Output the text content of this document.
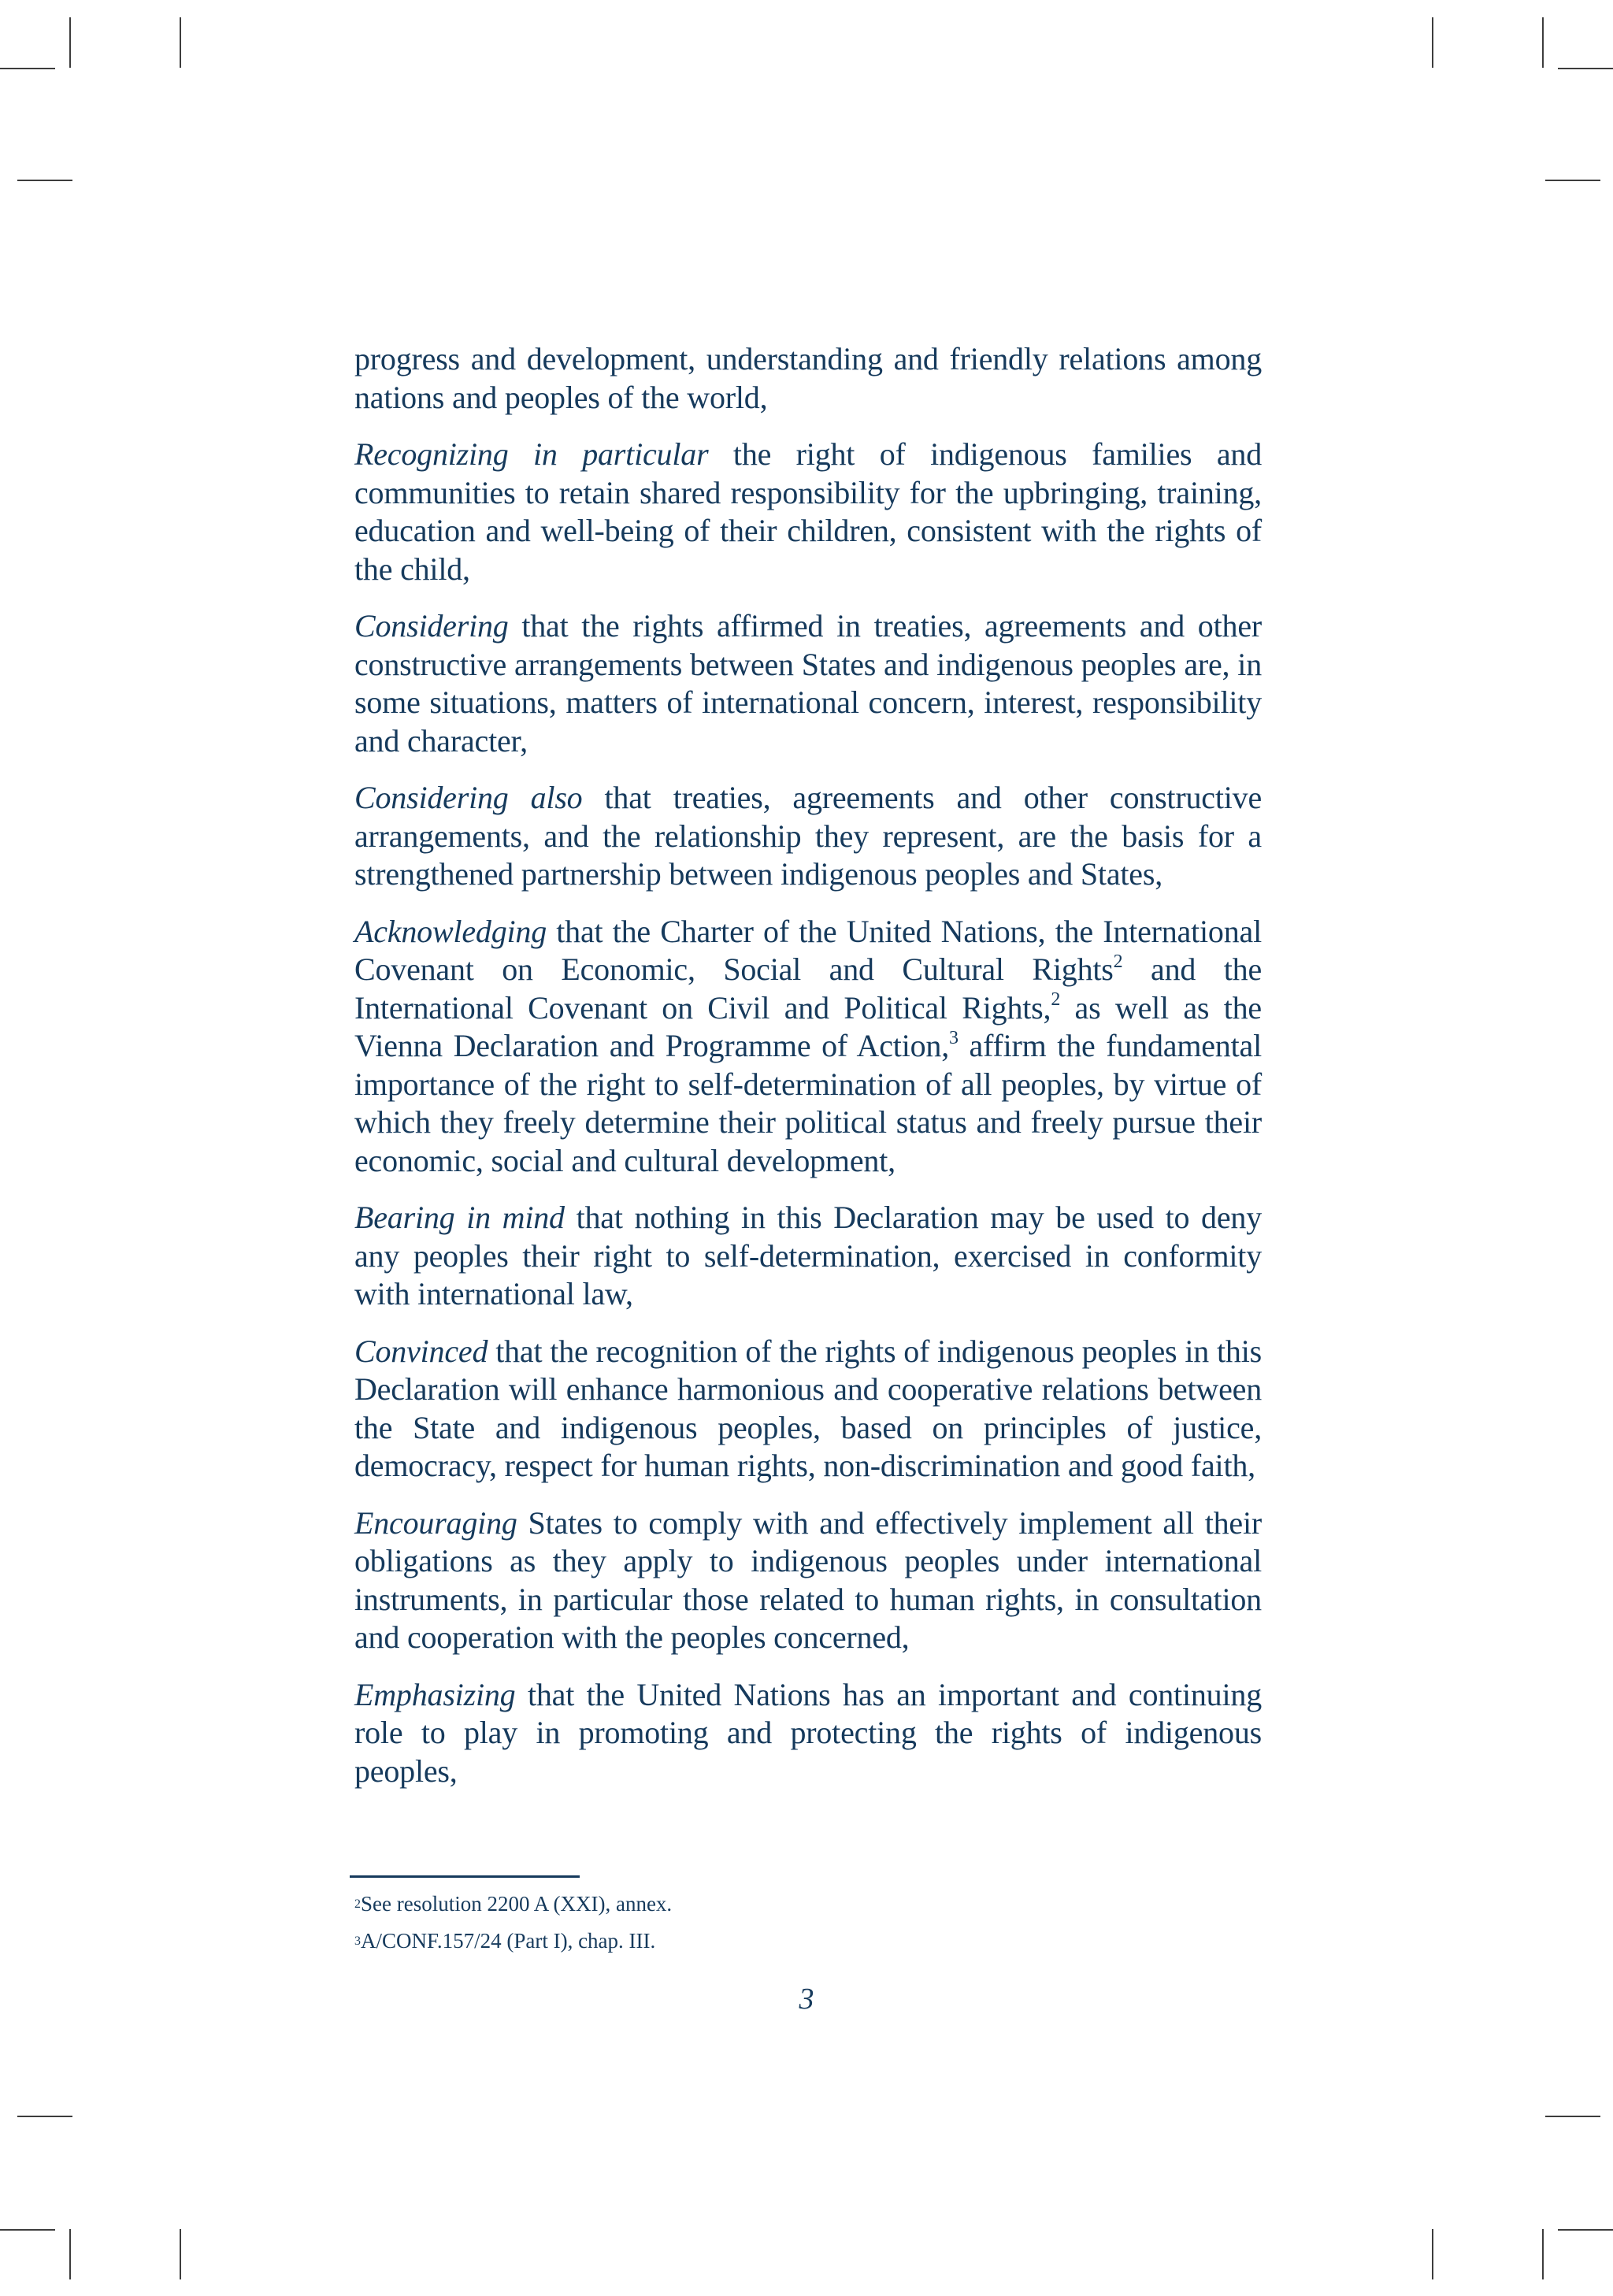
progress and development, understanding and friendly relations among nations and peoples of the world,

Recognizing in particular the right of indigenous families and communities to retain shared responsibility for the upbringing, training, education and well-being of their children, consistent with the rights of the child,

Considering that the rights affirmed in treaties, agreements and other constructive arrangements between States and indigenous peoples are, in some situations, matters of international concern, interest, responsibility and character,

Considering also that treaties, agreements and other constructive arrangements, and the relationship they represent, are the basis for a strengthened partnership between indigenous peoples and States,

Acknowledging that the Charter of the United Nations, the International Covenant on Economic, Social and Cultural Rights$^2$ and the International Covenant on Civil and Political Rights,$^2$ as well as the Vienna Declaration and Programme of Action,$^3$ affirm the fundamental importance of the right to self-determination of all peoples, by virtue of which they freely determine their political status and freely pursue their economic, social and cultural development,

Bearing in mind that nothing in this Declaration may be used to deny any peoples their right to self-determination, exercised in conformity with international law,

Convinced that the recognition of the rights of indigenous peoples in this Declaration will enhance harmonious and cooperative relations between the State and indigenous peoples, based on principles of justice, democracy, respect for human rights, non-discrimination and good faith,

Encouraging States to comply with and effectively implement all their obligations as they apply to indigenous peoples under international instruments, in particular those related to human rights, in consultation and cooperation with the peoples concerned,

Emphasizing that the United Nations has an important and continuing role to play in promoting and protecting the rights of indigenous peoples,

$^2$See resolution 2200 A (XXI), annex.
$^3$A/CONF.157/24 (Part I), chap. III.
3
